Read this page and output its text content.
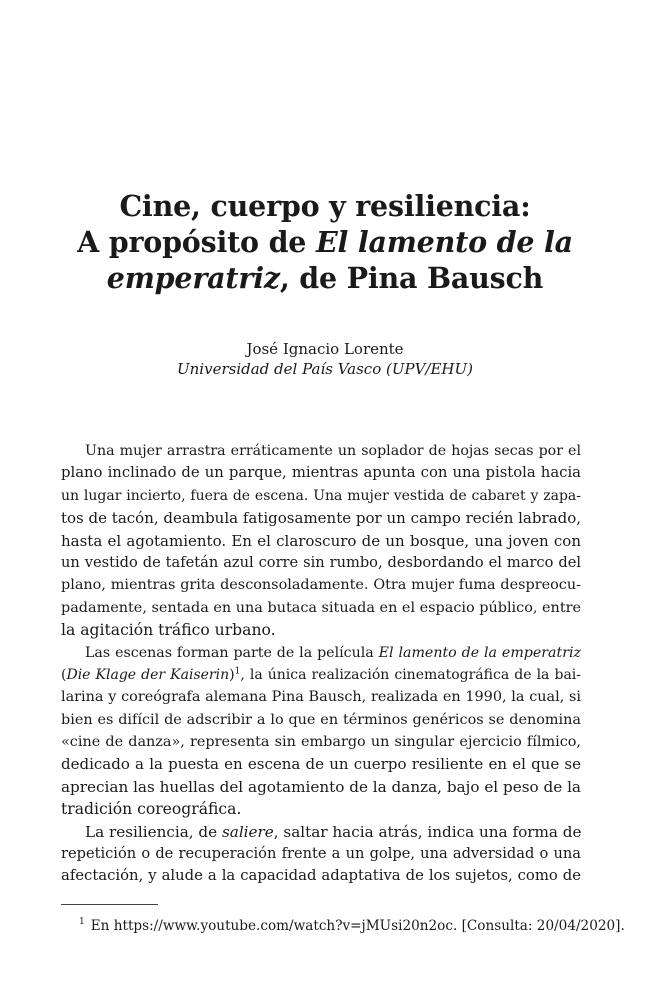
Cine, cuerpo y resiliencia:
A propósito de El lamento de la
emperatriz, de Pina Bausch
José Ignacio Lorente
Universidad del País Vasco (UPV/EHU)
Una mujer arrastra erráticamente un soplador de hojas secas por el
plano inclinado de un parque, mientras apunta con una pistola hacia
un lugar incierto, fuera de escena. Una mujer vestida de cabaret y zapa-
tos de tacón, deambula fatigosamente por un campo recién labrado,
hasta el agotamiento. En el claroscuro de un bosque, una joven con
un vestido de tafetán azul corre sin rumbo, desbordando el marco del
plano, mientras grita desconsoladamente. Otra mujer fuma despreocu-
padamente, sentada en una butaca situada en el espacio público, entre
la agitación tráfico urbano.
Las escenas forman parte de la película El lamento de la emperatriz
(Die Klage der Kaiserin)$^1$, la única realización cinematográfica de la bai-
larina y coreógrafa alemana Pina Bausch, realizada en 1990, la cual, si
bien es difícil de adscribir a lo que en términos genéricos se denomina
«cine de danza», representa sin embargo un singular ejercicio fílmico,
dedicado a la puesta en escena de un cuerpo resiliente en el que se
aprecian las huellas del agotamiento de la danza, bajo el peso de la
tradición coreográfica.
La resiliencia, de saliere, saltar hacia atrás, indica una forma de
repetición o de recuperación frente a un golpe, una adversidad o una
afectación, y alude a la capacidad adaptativa de los sujetos, como de
$^1$ En https://www.youtube.com/watch?v=jMUsi20n2oc. [Consulta: 20/04/2020].
